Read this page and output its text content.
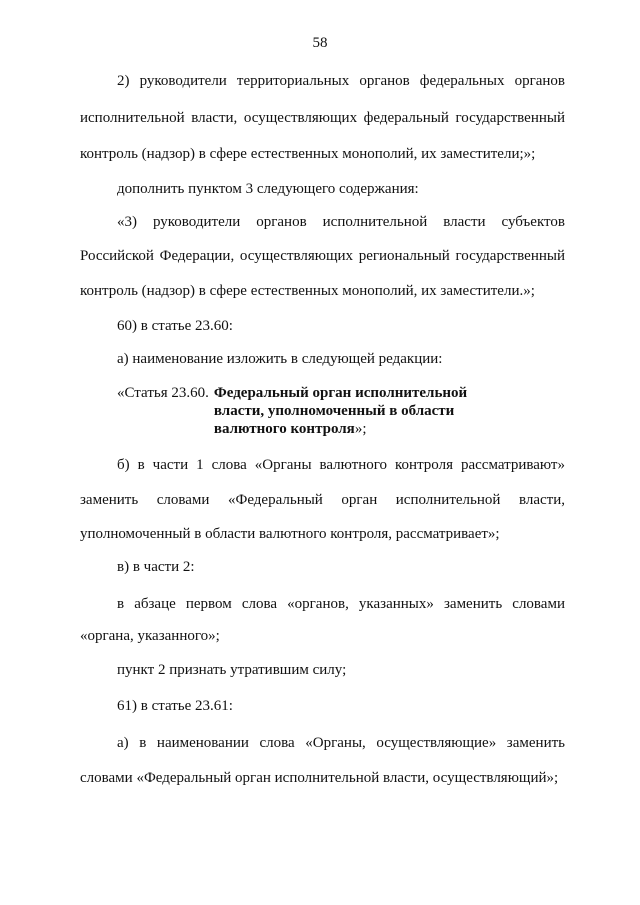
58
2) руководители территориальных органов федеральных органов
исполнительной власти, осуществляющих федеральный государственный
контроль (надзор) в сфере естественных монополий, их заместители;»;
дополнить пунктом 3 следующего содержания:
«3) руководители органов исполнительной власти субъектов
Российской Федерации, осуществляющих региональный государственный
контроль (надзор) в сфере естественных монополий, их заместители.»;
60) в статье 23.60:
а) наименование изложить в следующей редакции:
«Статья 23.60. Федеральный орган исполнительной власти, уполномоченный в области валютного контроля»;
б) в части 1 слова «Органы валютного контроля рассматривают»
заменить словами «Федеральный орган исполнительной власти,
уполномоченный в области валютного контроля, рассматривает»;
в) в части 2:
в абзаце первом слова «органов, указанных» заменить словами
«органа, указанного»;
пункт 2 признать утратившим силу;
61) в статье 23.61:
а) в наименовании слова «Органы, осуществляющие» заменить
словами «Федеральный орган исполнительной власти, осуществляющий»;
